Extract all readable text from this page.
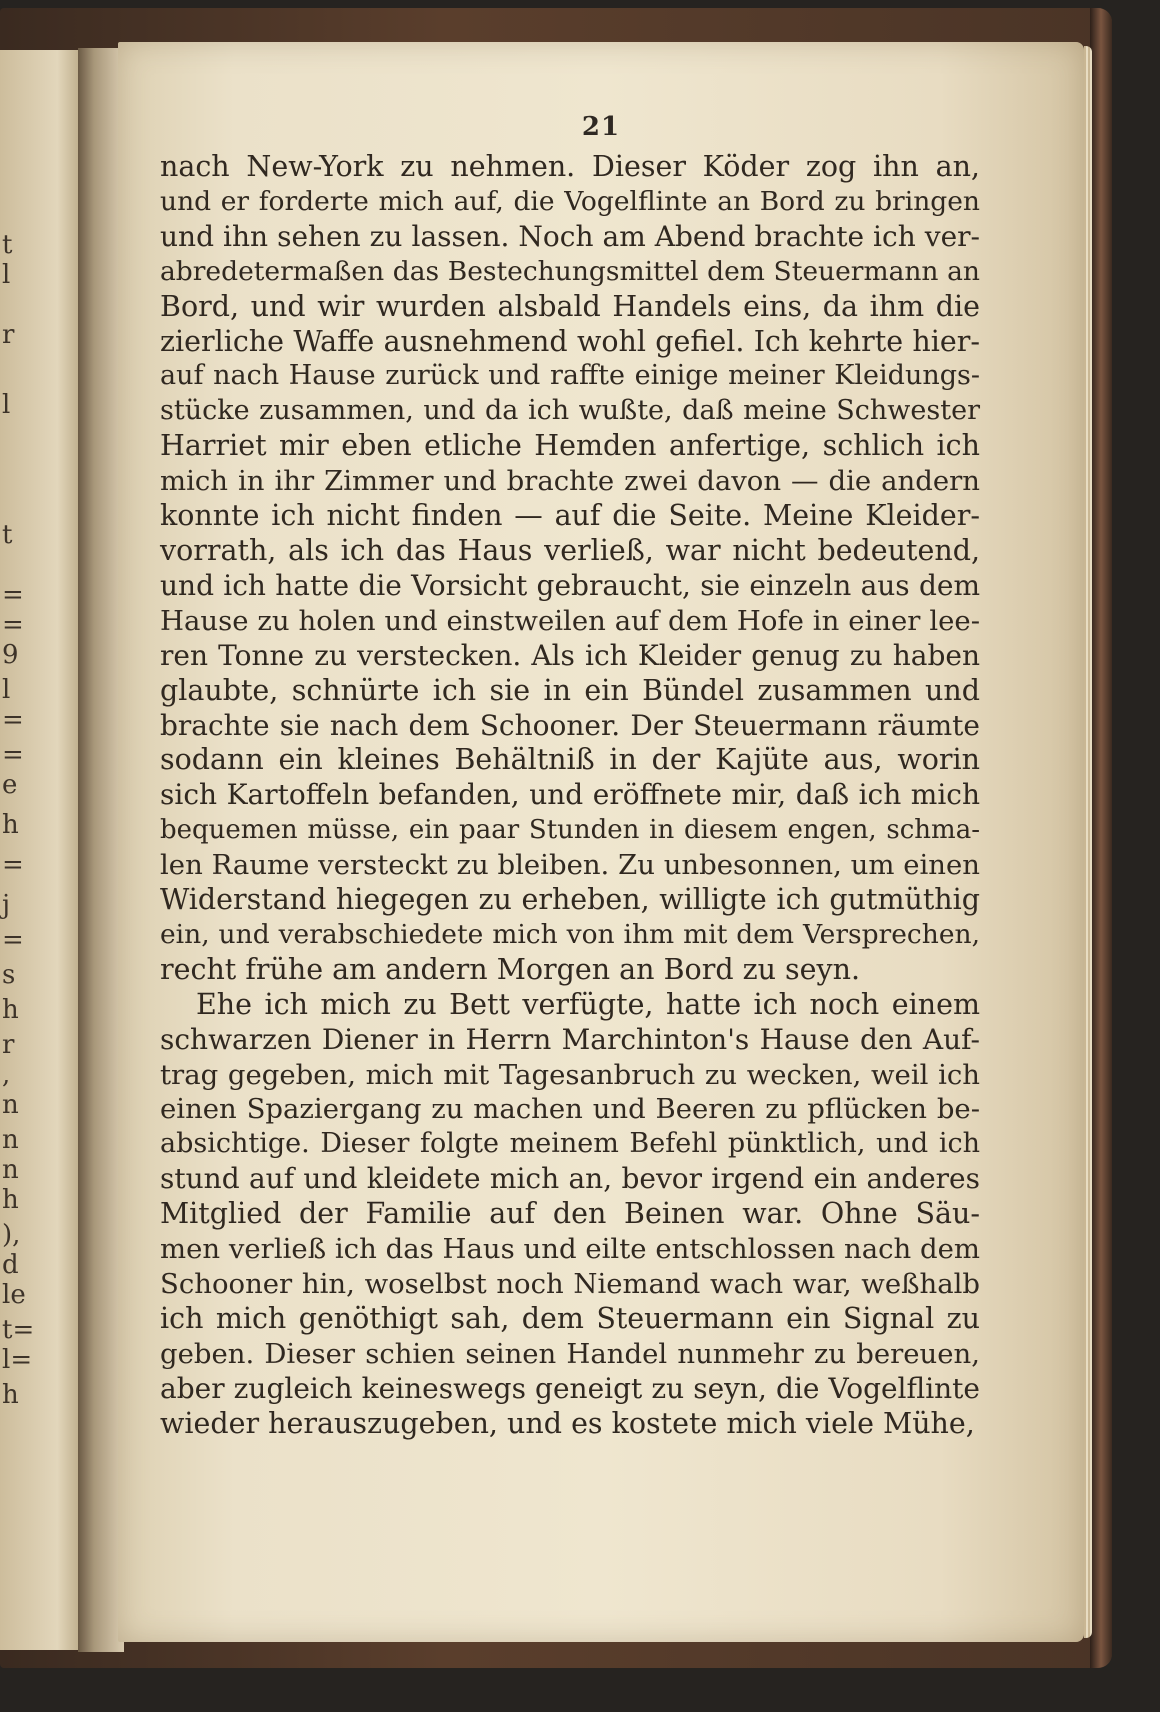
t
l
r
l
t
=
=
9
l
=
=
e
h
=
j
=
s
h
r
,
n
n
n
h
),
d
le
t=
l=
h
21
nach New-York zu nehmen. Dieser Köder zog ihn an,
und er forderte mich auf, die Vogelflinte an Bord zu bringen
und ihn sehen zu lassen. Noch am Abend brachte ich ver-
abredetermaßen das Bestechungsmittel dem Steuermann an
Bord, und wir wurden alsbald Handels eins, da ihm die
zierliche Waffe ausnehmend wohl gefiel. Ich kehrte hier-
auf nach Hause zurück und raffte einige meiner Kleidungs-
stücke zusammen, und da ich wußte, daß meine Schwester
Harriet mir eben etliche Hemden anfertige, schlich ich
mich in ihr Zimmer und brachte zwei davon — die andern
konnte ich nicht finden — auf die Seite. Meine Kleider-
vorrath, als ich das Haus verließ, war nicht bedeutend,
und ich hatte die Vorsicht gebraucht, sie einzeln aus dem
Hause zu holen und einstweilen auf dem Hofe in einer lee-
ren Tonne zu verstecken. Als ich Kleider genug zu haben
glaubte, schnürte ich sie in ein Bündel zusammen und
brachte sie nach dem Schooner. Der Steuermann räumte
sodann ein kleines Behältniß in der Kajüte aus, worin
sich Kartoffeln befanden, und eröffnete mir, daß ich mich
bequemen müsse, ein paar Stunden in diesem engen, schma-
len Raume versteckt zu bleiben. Zu unbesonnen, um einen
Widerstand hiegegen zu erheben, willigte ich gutmüthig
ein, und verabschiedete mich von ihm mit dem Versprechen,
recht frühe am andern Morgen an Bord zu seyn.
Ehe ich mich zu Bett verfügte, hatte ich noch einem
schwarzen Diener in Herrn Marchinton's Hause den Auf-
trag gegeben, mich mit Tagesanbruch zu wecken, weil ich
einen Spaziergang zu machen und Beeren zu pflücken be-
absichtige. Dieser folgte meinem Befehl pünktlich, und ich
stund auf und kleidete mich an, bevor irgend ein anderes
Mitglied der Familie auf den Beinen war. Ohne Säu-
men verließ ich das Haus und eilte entschlossen nach dem
Schooner hin, woselbst noch Niemand wach war, weßhalb
ich mich genöthigt sah, dem Steuermann ein Signal zu
geben. Dieser schien seinen Handel nunmehr zu bereuen,
aber zugleich keineswegs geneigt zu seyn, die Vogelflinte
wieder herauszugeben, und es kostete mich viele Mühe,
